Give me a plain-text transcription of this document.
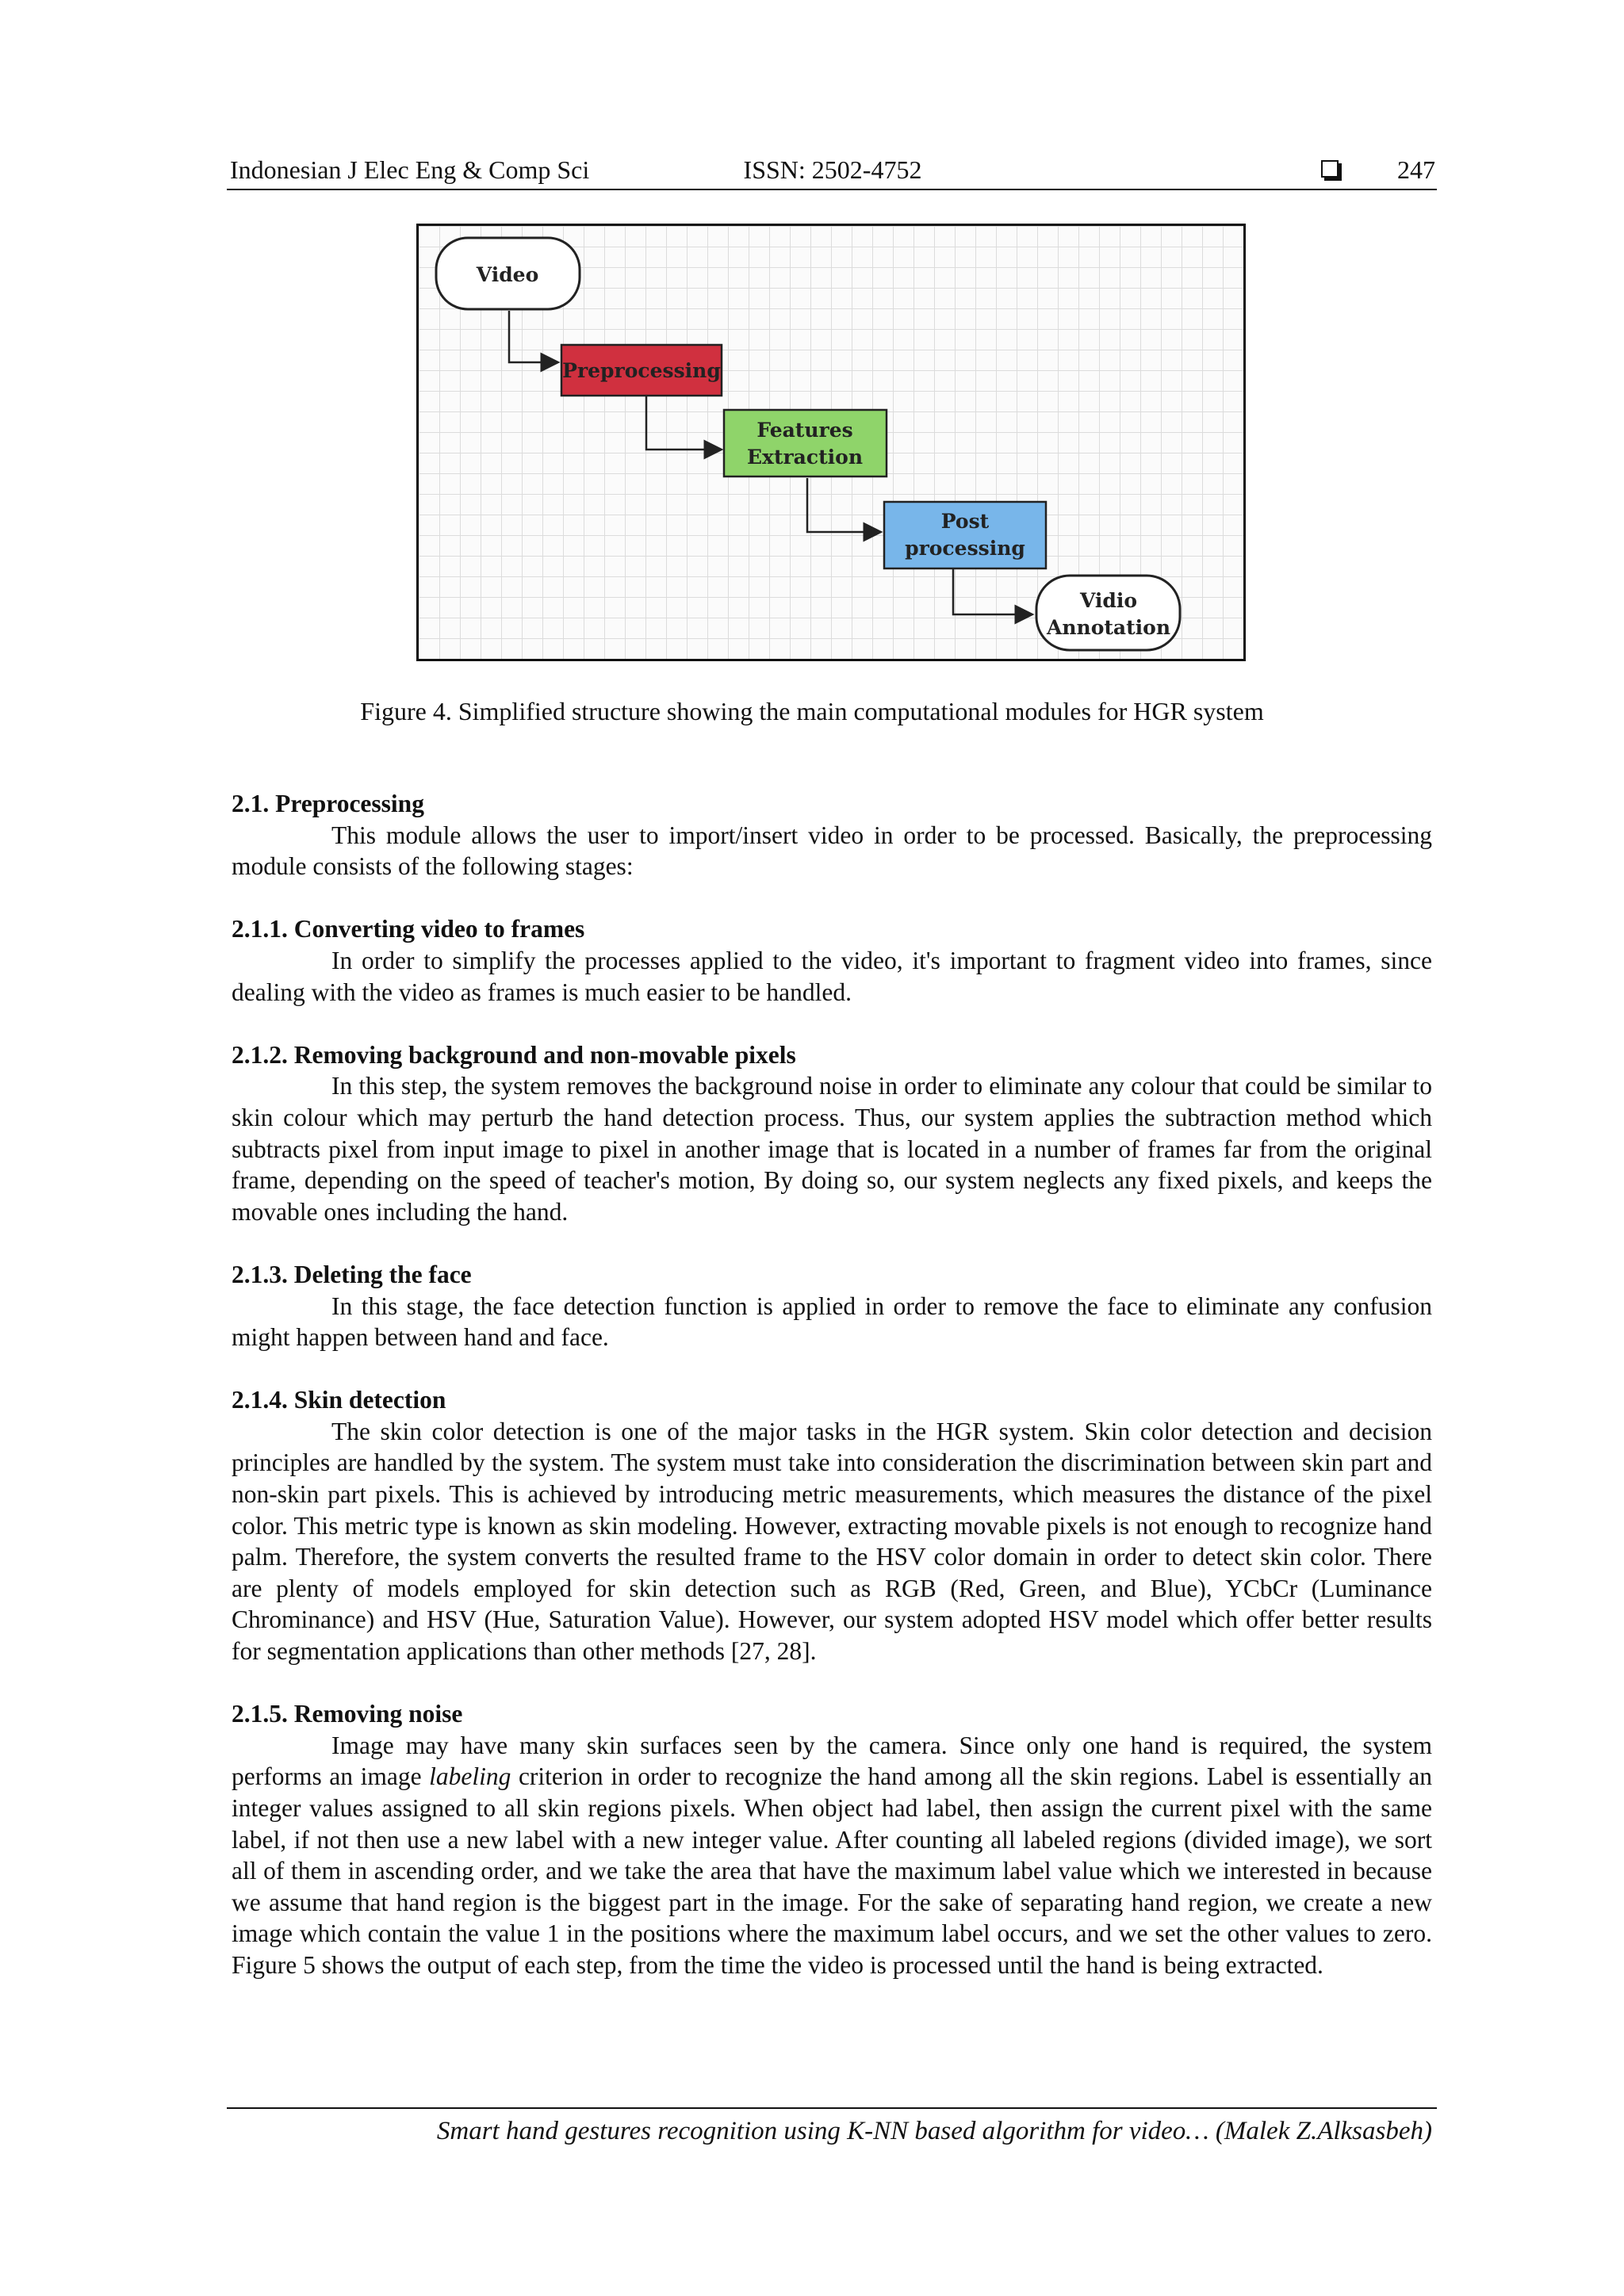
Indonesian J Elec Eng & Comp Sci	ISSN: 2502-4752	247
Video
Preprocessing
Features
Extraction
Post
processing
Vidio
Annotation
Figure 4. Simplified structure showing the main computational modules for HGR system
2.1. Preprocessing

This module allows the user to import/insert video in order to be processed. Basically, the preprocessing module consists of the following stages:

2.1.1. Converting video to frames

In order to simplify the processes applied to the video, it's important to fragment video into frames, since dealing with the video as frames is much easier to be handled.

2.1.2. Removing background and non-movable pixels

In this step, the system removes the background noise in order to eliminate any colour that could be similar to skin colour which may perturb the hand detection process. Thus, our system applies the subtraction method which subtracts pixel from input image to pixel in another image that is located in a number of frames far from the original frame, depending on the speed of teacher's motion, By doing so, our system neglects any fixed pixels, and keeps the movable ones including the hand.

2.1.3. Deleting the face

In this stage, the face detection function is applied in order to remove the face to eliminate any confusion might happen between hand and face.

2.1.4. Skin detection

The skin color detection is one of the major tasks in the HGR system. Skin color detection and decision principles are handled by the system. The system must take into consideration the discrimination between skin part and non-skin part pixels. This is achieved by introducing metric measurements, which measures the distance of the pixel color. This metric type is known as skin modeling. However, extracting movable pixels is not enough to recognize hand palm. Therefore, the system converts the resulted frame to the HSV color domain in order to detect skin color. There are plenty of models employed for skin detection such as RGB (Red, Green, and Blue), YCbCr (Luminance Chrominance) and HSV (Hue, Saturation Value). However, our system adopted HSV model which offer better results for segmentation applications than other methods [27, 28].

2.1.5. Removing noise

Image may have many skin surfaces seen by the camera. Since only one hand is required, the system performs an image labeling criterion in order to recognize the hand among all the skin regions. Label is essentially an integer values assigned to all skin regions pixels. When object had label, then assign the current pixel with the same label, if not then use a new label with a new integer value. After counting all labeled regions (divided image), we sort all of them in ascending order, and we take the area that have the maximum label value which we interested in because we assume that hand region is the biggest part in the image. For the sake of separating hand region, we create a new image which contain the value 1 in the positions where the maximum label occurs, and we set the other values to zero. Figure 5 shows the output of each step, from the time the video is processed until the hand is being extracted.

Smart hand gestures recognition using K-NN based algorithm for video… (Malek Z.Alksasbeh)
